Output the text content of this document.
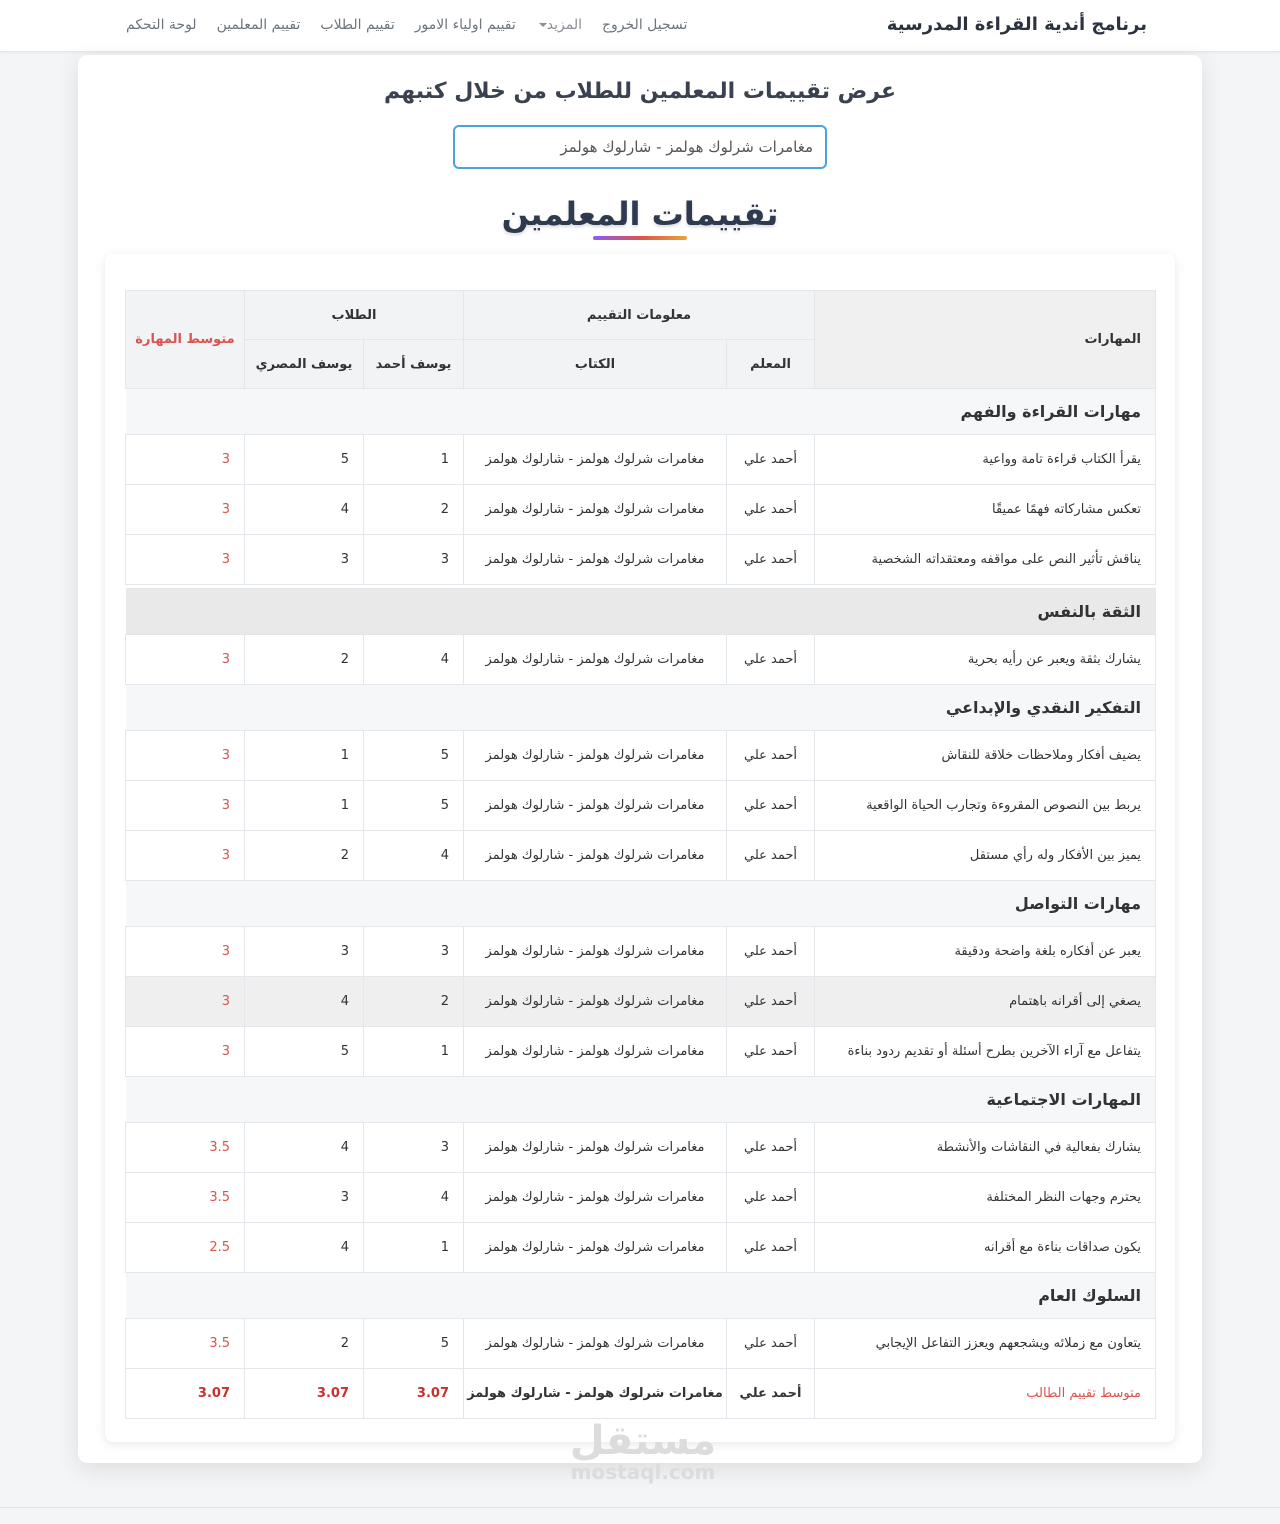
برنامج أندية القراءة المدرسية
لوحة التحكم تقييم المعلمين تقييم الطلاب تقييم اولياء الامور	المزيد تسجيل الخروج
عرض تقييمات المعلمين للطلاب من خلال كتبهم
مغامرات شرلوك هولمز - شارلوك هولمز
تقييمات المعلمين
المهارات	معلومات التقييم		الطلاب		متوسط المهارة
	المعلم	الكتاب	يوسف أحمد	يوسف المصري	
مهارات القراءة والفهم					
يقرأ الكتاب قراءة تامة وواعية	أحمد علي	مغامرات شرلوك هولمز - شارلوك هولمز	1	5	3
تعكس مشاركاته فهمًا عميقًا	أحمد علي	مغامرات شرلوك هولمز - شارلوك هولمز	2	4	3
يناقش تأثير النص على مواقفه ومعتقداته الشخصية	أحمد علي	مغامرات شرلوك هولمز - شارلوك هولمز	3	3	3

الثقة بالنفس					
يشارك بثقة ويعبر عن رأيه بحرية	أحمد علي	مغامرات شرلوك هولمز - شارلوك هولمز	4	2	3
التفكير النقدي والإبداعي					
يضيف أفكار وملاحظات خلاقة للنقاش	أحمد علي	مغامرات شرلوك هولمز - شارلوك هولمز	5	1	3
يربط بين النصوص المقروءة وتجارب الحياة الواقعية	أحمد علي	مغامرات شرلوك هولمز - شارلوك هولمز	5	1	3
يميز بين الأفكار وله رأي مستقل	أحمد علي	مغامرات شرلوك هولمز - شارلوك هولمز	4	2	3
مهارات التواصل					
يعبر عن أفكاره بلغة واضحة ودقيقة	أحمد علي	مغامرات شرلوك هولمز - شارلوك هولمز	3	3	3
يصغي إلى أقرانه باهتمام	أحمد علي	مغامرات شرلوك هولمز - شارلوك هولمز	2	4	3
يتفاعل مع آراء الآخرين بطرح أسئلة أو تقديم ردود بناءة	أحمد علي	مغامرات شرلوك هولمز - شارلوك هولمز	1	5	3
المهارات الاجتماعية					
يشارك بفعالية في النقاشات والأنشطة	أحمد علي	مغامرات شرلوك هولمز - شارلوك هولمز	3	4	3.5
يحترم وجهات النظر المختلفة	أحمد علي	مغامرات شرلوك هولمز - شارلوك هولمز	4	3	3.5
يكون صداقات بناءة مع أقرانه	أحمد علي	مغامرات شرلوك هولمز - شارلوك هولمز	1	4	2.5
السلوك العام					
يتعاون مع زملائه ويشجعهم ويعزز التفاعل الإيجابي	أحمد علي	مغامرات شرلوك هولمز - شارلوك هولمز	5	2	3.5
متوسط تقييم الطالب	أحمد علي	مغامرات شرلوك هولمز - شارلوك هولمز	3.07	3.07	3.07
مستقل
mostaql.com
